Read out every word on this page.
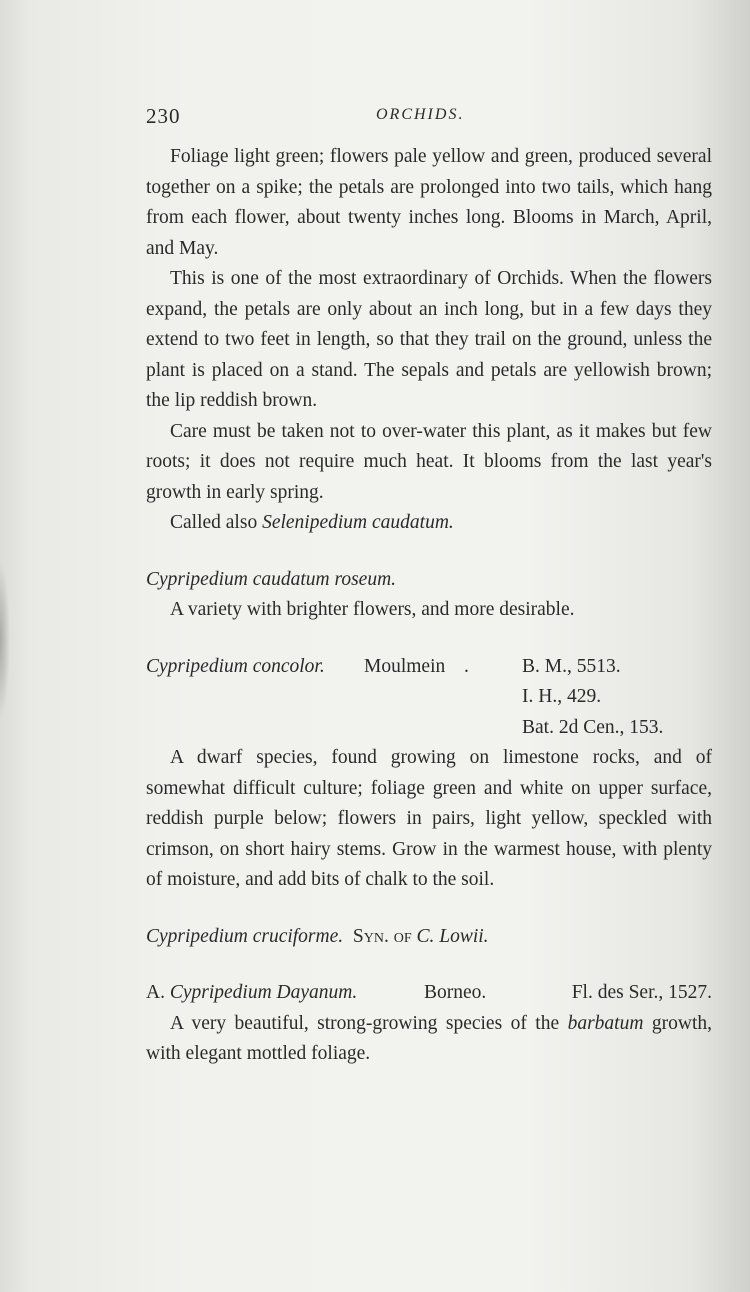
230	ORCHIDS.

Foliage light green; flowers pale yellow and green, produced several together on a spike; the petals are prolonged into two tails, which hang from each flower, about twenty inches long. Blooms in March, April, and May.

This is one of the most extraordinary of Orchids. When the flowers expand, the petals are only about an inch long, but in a few days they extend to two feet in length, so that they trail on the ground, unless the plant is placed on a stand. The sepals and petals are yellowish brown; the lip reddish brown.

Care must be taken not to over-water this plant, as it makes but few roots; it does not require much heat. It blooms from the last year's growth in early spring.

Called also Selenipedium caudatum.

Cypripedium caudatum roseum.

A variety with brighter flowers, and more desirable.

Cypripedium concolor. Moulmein .	B. M., 5513.
I. H., 429.
Bat. 2d Cen., 153.

A dwarf species, found growing on limestone rocks, and of somewhat difficult culture; foliage green and white on upper surface, reddish purple below; flowers in pairs, light yellow, speckled with crimson, on short hairy stems. Grow in the warmest house, with plenty of moisture, and add bits of chalk to the soil.

Cypripedium cruciforme. Syn. of C. Lowii.

A. Cypripedium Dayanum.	Borneo.	Fl. des Ser., 1527.

A very beautiful, strong-growing species of the barbatum growth, with elegant mottled foliage.
